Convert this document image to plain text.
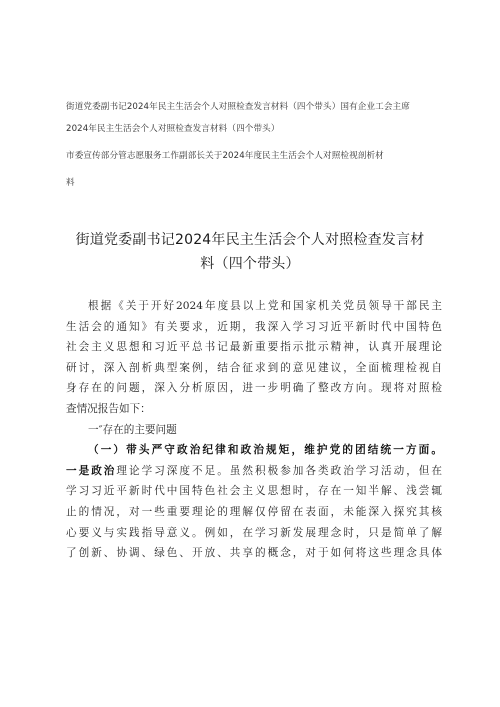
街道党委副书记2024年民主生活会个人对照检查发言材料（四个带头）国有企业工会主席
2024年民主生活会个人对照检查发言材料（四个带头）
市委宣传部分管志愿服务工作副部长关于2024年度民主生活会个人对照检视剖析材
料
街道党委副书记2024年民主生活会个人对照检查发言材
料（四个带头）
根据《关于开好2024年度县以上党和国家机关党员领导干部民主
生活会的通知》有关要求，近期，我深入学习习近平新时代中国特色
社会主义思想和习近平总书记最新重要指示批示精神，认真开展理论
研讨，深入剖析典型案例，结合征求到的意见建议，全面梳理检视自
身存在的问题，深入分析原因，进一步明确了整改方向。现将对照检
查情况报告如下：
一″存在的主要问题
（一）带头严守政治纪律和政治规矩，维护党的团结统一方面。
一是政治理论学习深度不足。虽然积极参加各类政治学习活动，但在
学习习近平新时代中国特色社会主义思想时，存在一知半解、浅尝辄
止的情况，对一些重要理论的理解仅停留在表面，未能深入探究其核
心要义与实践指导意义。例如，在学习新发展理念时，只是简单了解
了创新、协调、绿色、开放、共享的概念，对于如何将这些理念具体
